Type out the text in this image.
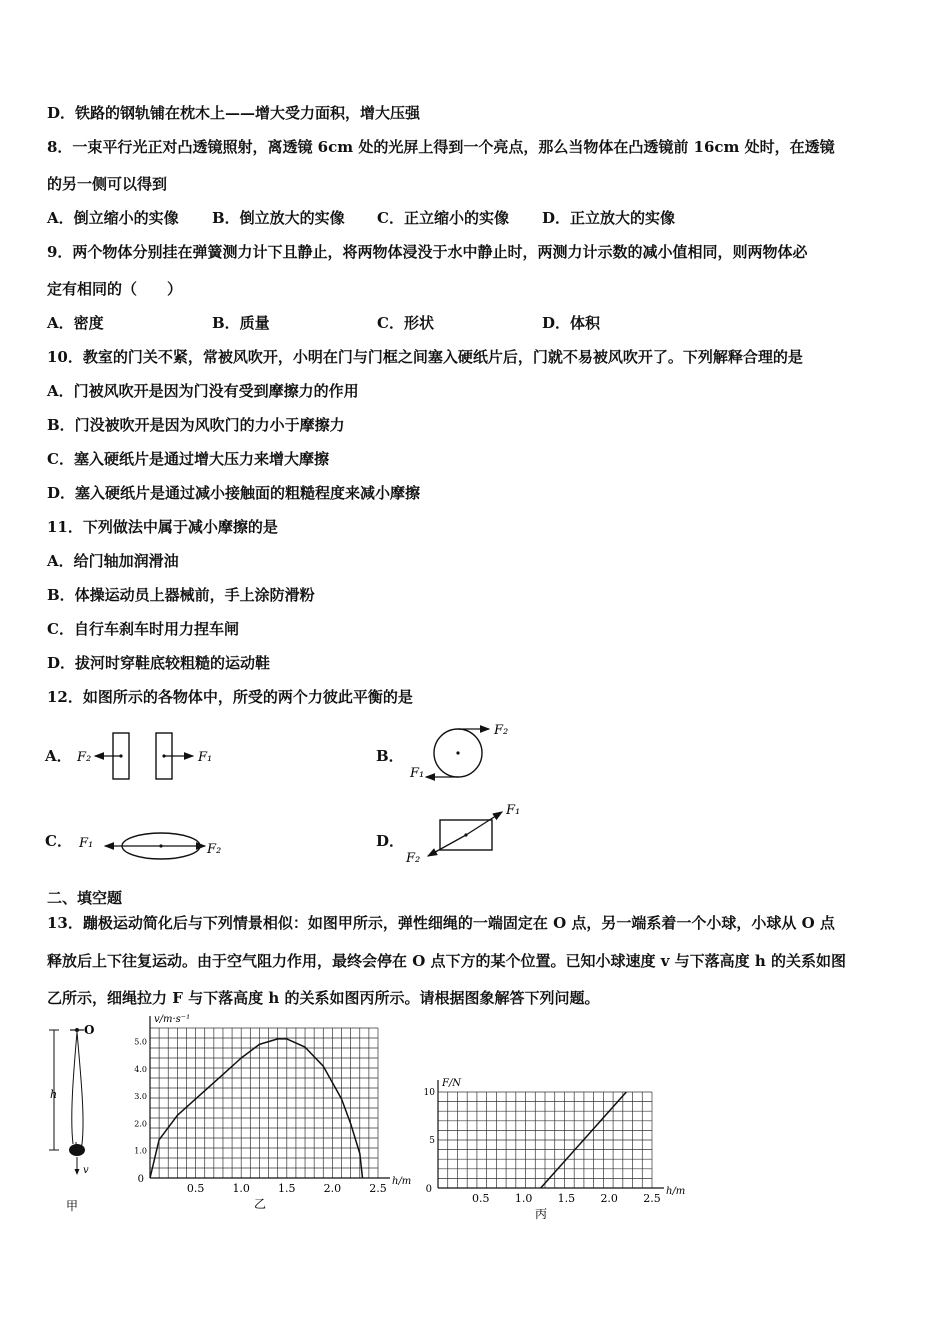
D．铁路的钢轨铺在枕木上——增大受力面积，增大压强
8．一束平行光正对凸透镜照射，离透镜 6cm 处的光屏上得到一个亮点，那么当物体在凸透镜前 16cm 处时，在透镜
的另一侧可以得到
A．倒立缩小的实像 B．倒立放大的实像 C．正立缩小的实像 D．正立放大的实像
9．两个物体分别挂在弹簧测力计下且静止，将两物体浸没于水中静止时，两测力计示数的减小值相同，则两物体必
定有相同的（　　）
A．密度	B．质量	C．形状	D．体积
10．教室的门关不紧，常被风吹开，小明在门与门框之间塞入硬纸片后，门就不易被风吹开了。下列解释合理的是
A．门被风吹开是因为门没有受到摩擦力的作用
B．门没被吹开是因为风吹门的力小于摩擦力
C．塞入硬纸片是通过增大压力来增大摩擦
D．塞入硬纸片是通过减小接触面的粗糙程度来减小摩擦
11．下列做法中属于减小摩擦的是
A．给门轴加润滑油
B．体操运动员上器械前，手上涂防滑粉
C．自行车刹车时用力捏车闸
D．拔河时穿鞋底较粗糙的运动鞋
12．如图所示的各物体中，所受的两个力彼此平衡的是
A． F₂	F₁	B．
F₂
F₁
C． F₁	F₂	D．
F₁
F₂
二、填空题
13．蹦极运动简化后与下列情景相似：如图甲所示，弹性细绳的一端固定在 O 点，另一端系着一个小球，小球从 O 点
释放后上下往复运动。由于空气阻力作用，最终会停在 O 点下方的某个位置。已知小球速度 v 与下落高度 h 的关系如图
乙所示，细绳拉力 F 与下落高度 h 的关系如图丙所示。请根据图象解答下列问题。
h
O
v
甲
0.5	1.0	1.5	2.0	2.5
1.0
2.0
3.0
4.0
5.0
0
v/m·s⁻¹
h/m
乙	0.5 1.0 1.5 2.0 2.5
5
10
0
F/N
h/m
丙
